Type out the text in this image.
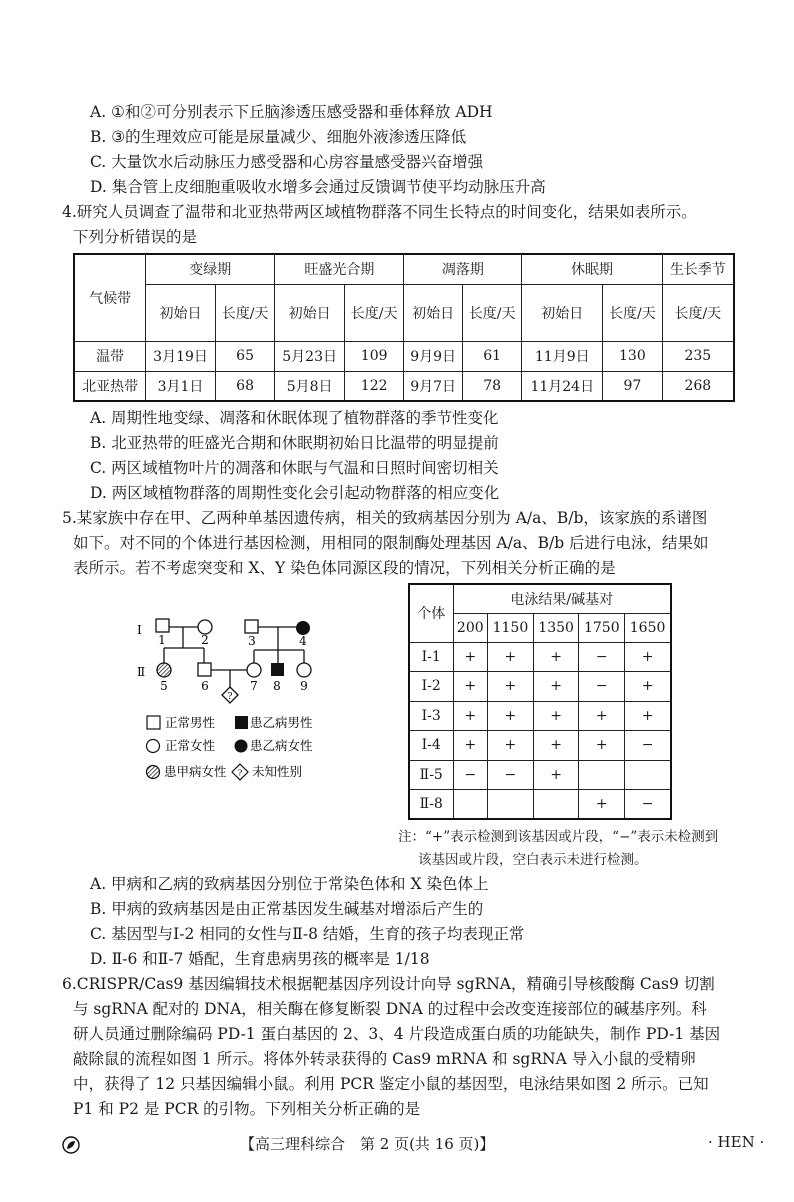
A. ①和②可分别表示下丘脑渗透压感受器和垂体释放 ADH
B. ③的生理效应可能是尿量减少、细胞外液渗透压降低
C. 大量饮水后动脉压力感受器和心房容量感受器兴奋增强
D. 集合管上皮细胞重吸收水增多会通过反馈调节使平均动脉压升高
4.研究人员调查了温带和北亚热带两区域植物群落不同生长特点的时间变化，结果如表所示。
下列分析错误的是
气候带	变绿期		旺盛光合期		凋落期		休眠期		生长季节
	初始日	长度/天	初始日	长度/天	初始日	长度/天	初始日	长度/天	长度/天
温带	3月19日	65	5月23日	109	9月9日	61	11月9日	130	235
北亚热带	3月1日	68	5月8日	122	9月7日	78	11月24日	97	268
A. 周期性地变绿、凋落和休眠体现了植物群落的季节性变化
B. 北亚热带的旺盛光合期和休眠期初始日比温带的明显提前
C. 两区域植物叶片的凋落和休眠与气温和日照时间密切相关
D. 两区域植物群落的周期性变化会引起动物群落的相应变化
5.某家族中存在甲、乙两种单基因遗传病，相关的致病基因分别为 A/a、B/b，该家族的系谱图
如下。对不同的个体进行基因检测，用相同的限制酶处理基因 A/a、B/b 后进行电泳，结果如
表所示。若不考虑突变和 X、Y 染色体同源区段的情况，下列相关分析正确的是
Ⅰ
Ⅱ
?
1	2	3	4
5	6	7 8 9
正常男性	患乙病男性
正常女性	患乙病女性
患甲病女性 ? 未知性别
个体	电泳结果/碱基对				
	200	1150	1350	1750	1650
Ⅰ-1	+	+	+	−	+
Ⅰ-2	+	+	+	−	+
Ⅰ-3	+	+	+	+	+
Ⅰ-4	+	+	+	+	−
Ⅱ-5	−	−	+		
Ⅱ-8				+	−
注：“+”表示检测到该基因或片段，“−”表示未检测到
该基因或片段，空白表示未进行检测。
A. 甲病和乙病的致病基因分别位于常染色体和 X 染色体上
B. 甲病的致病基因是由正常基因发生碱基对增添后产生的
C. 基因型与Ⅰ-2 相同的女性与Ⅱ-8 结婚，生育的孩子均表现正常
D. Ⅱ-6 和Ⅱ-7 婚配，生育患病男孩的概率是 1/18
6.CRISPR/Cas9 基因编辑技术根据靶基因序列设计向导 sgRNA，精确引导核酸酶 Cas9 切割
与 sgRNA 配对的 DNA，相关酶在修复断裂 DNA 的过程中会改变连接部位的碱基序列。科
研人员通过删除编码 PD-1 蛋白基因的 2、3、4 片段造成蛋白质的功能缺失，制作 PD-1 基因
敲除鼠的流程如图 1 所示。将体外转录获得的 Cas9 mRNA 和 sgRNA 导入小鼠的受精卵
中，获得了 12 只基因编辑小鼠。利用 PCR 鉴定小鼠的基因型，电泳结果如图 2 所示。已知
P1 和 P2 是 PCR 的引物。下列相关分析正确的是
【高三理科综合　第 2 页(共 16 页)】	· HEN ·
